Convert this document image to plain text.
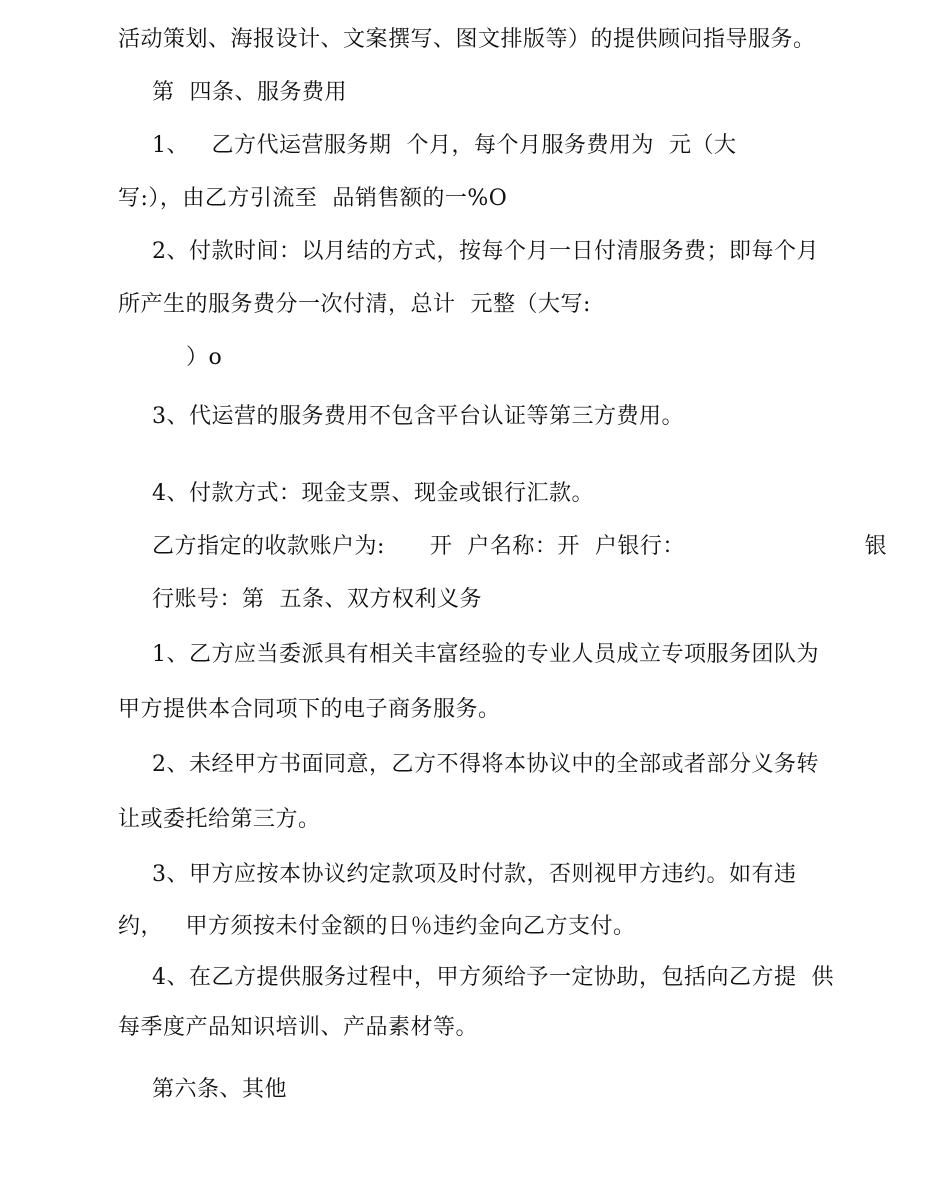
活动策划、海报设计、文案撰写、图文排版等）的提供顾问指导服务。
第  四条、服务费用
1、   乙方代运营服务期  个月，每个月服务费用为  元（大
写:），由乙方引流至  品销售额的一%O
2、付款时间：以月结的方式，按每个月一日付清服务费；即每个月
所产生的服务费分一次付清，总计  元整（大写:
）o
3、代运营的服务费用不包含平台认证等第三方费用。
4、付款方式：现金支票、现金或银行汇款。
乙方指定的收款账户为:      开  户名称：开  户银行：                        银
行账号：第  五条、双方权利义务
1、乙方应当委派具有相关丰富经验的专业人员成立专项服务团队为
甲方提供本合同项下的电子商务服务。
2、未经甲方书面同意，乙方不得将本协议中的全部或者部分义务转
让或委托给第三方。
3、甲方应按本协议约定款项及时付款，否则视甲方违约。如有违
约，   甲方须按未付金额的日％违约金向乙方支付。
4、在乙方提供服务过程中，甲方须给予一定协助，包括向乙方提  供
每季度产品知识培训、产品素材等。
第六条、其他
